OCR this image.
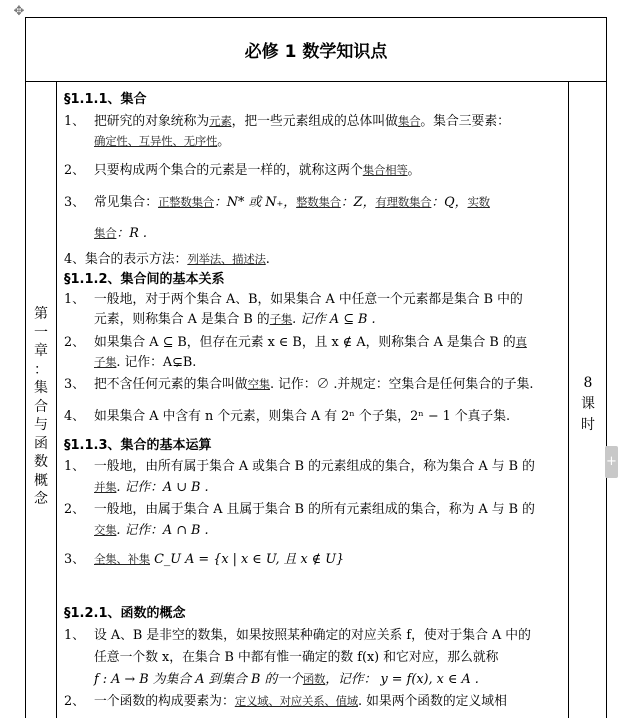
✥
必修 1 数学知识点
第
一
章
：
集
合
与
函
数
概
念
8
课
时
§1.1.1、集合
1、 把研究的对象统称为元素，把一些元素组成的总体叫做集合。集合三要素：
确定性、互异性、无序性。
2、 只要构成两个集合的元素是一样的，就称这两个集合相等。
3、 常见集合：正整数集合：N* 或 N₊，整数集合：Z，有理数集合：Q，实数
集合：R .
4、集合的表示方法：列举法、描述法.
§1.1.2、集合间的基本关系
1、 一般地，对于两个集合 A、B，如果集合 A 中任意一个元素都是集合 B 中的
元素，则称集合 A 是集合 B 的子集. 记作 A ⊆ B .
2、 如果集合 A ⊆ B，但存在元素 x ∈ B，且 x ∉ A，则称集合 A 是集合 B 的真
子集. 记作：A⊊B.
3、 把不含任何元素的集合叫做空集. 记作：∅ .并规定：空集合是任何集合的子集.
4、 如果集合 A 中含有 n 个元素，则集合 A 有 2ⁿ 个子集，2ⁿ − 1 个真子集.
§1.1.3、集合的基本运算
1、 一般地，由所有属于集合 A 或集合 B 的元素组成的集合，称为集合 A 与 B 的
并集. 记作：A ∪ B .
2、 一般地，由属于集合 A 且属于集合 B 的所有元素组成的集合，称为 A 与 B 的
交集. 记作：A ∩ B .
3、 全集、补集 C_U A = {x | x ∈ U, 且 x ∉ U}
§1.2.1、函数的概念
1、 设 A、B 是非空的数集，如果按照某种确定的对应关系 f，使对于集合 A 中的
任意一个数 x，在集合 B 中都有惟一确定的数 f(x) 和它对应，那么就称
f : A → B 为集合 A 到集合 B 的一个函数，记作： y = f(x), x ∈ A .
2、 一个函数的构成要素为：定义域、对应关系、值域. 如果两个函数的定义域相
+
